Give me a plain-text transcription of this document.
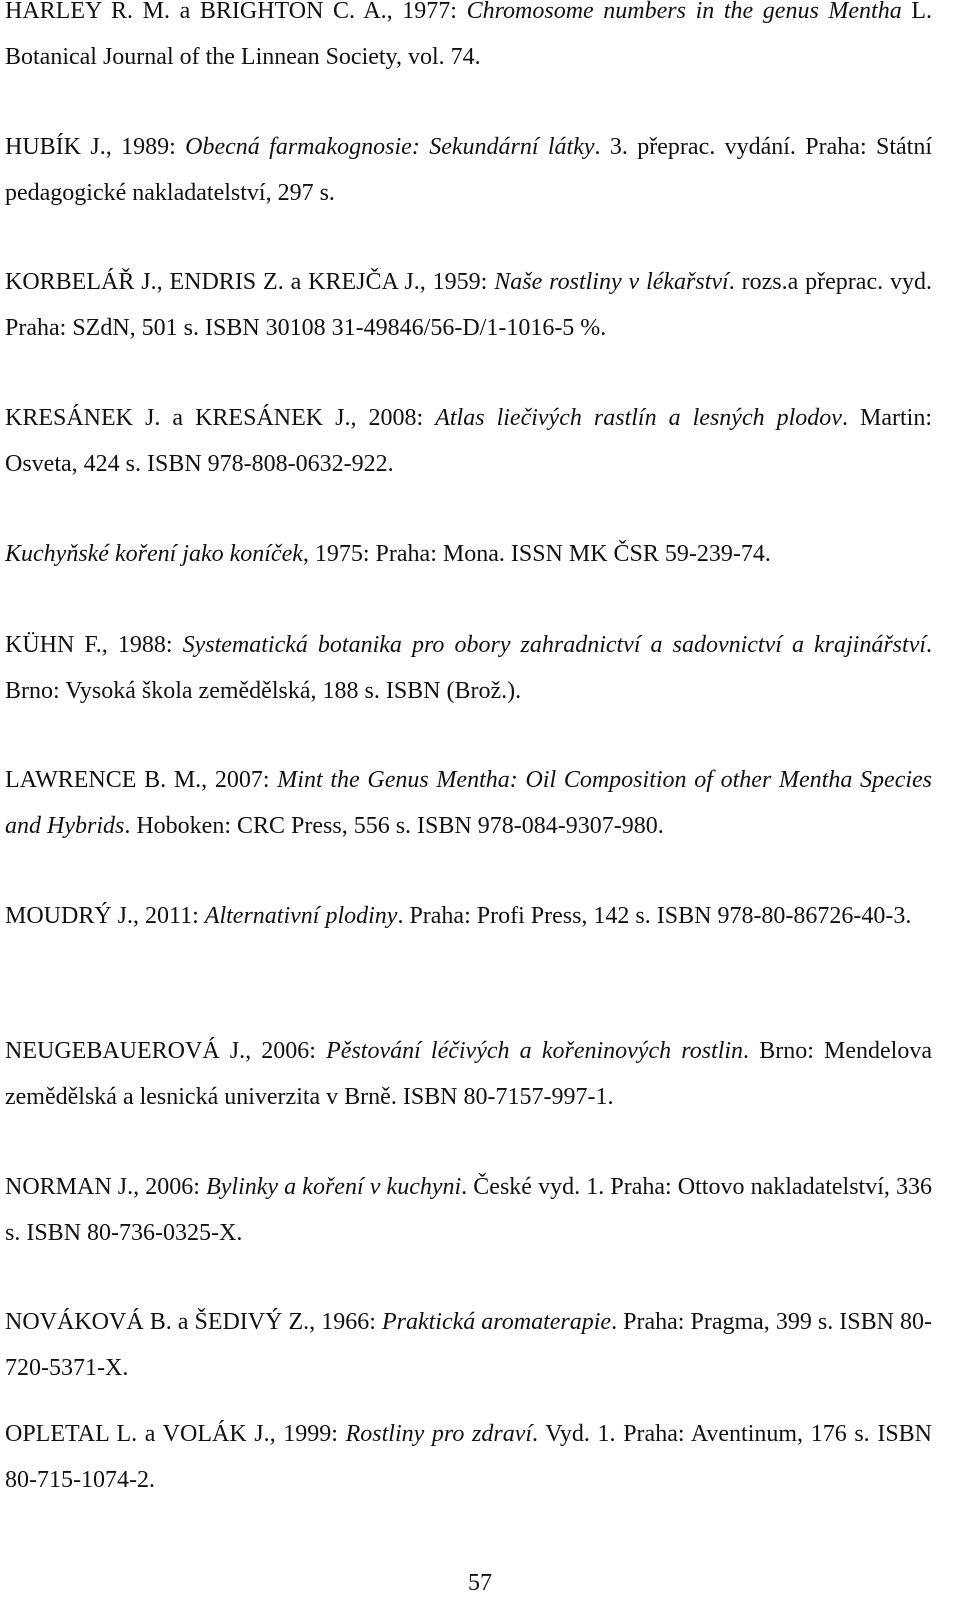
HARLEY R. M. a BRIGHTON C. A., 1977: Chromosome numbers in the genus Mentha L. Botanical Journal of the Linnean Society, vol. 74.

HUBÍK J., 1989: Obecná farmakognosie: Sekundární látky. 3. přeprac. vydání. Praha: Státní pedagogické nakladatelství, 297 s.

KORBELÁŘ J., ENDRIS Z. a KREJČA J., 1959: Naše rostliny v lékařství. rozs.a přeprac. vyd. Praha: SZdN, 501 s. ISBN 30108 31-49846/56-D/1-1016-5 %.

KRESÁNEK J. a KRESÁNEK J., 2008: Atlas liečivých rastlín a lesných plodov. Martin: Osveta, 424 s. ISBN 978-808-0632-922.

Kuchyňské koření jako koníček, 1975: Praha: Mona. ISSN MK ČSR 59-239-74.

KÜHN F., 1988: Systematická botanika pro obory zahradnictví a sadovnictví a krajinářství. Brno: Vysoká škola zemědělská, 188 s. ISBN (Brož.).

LAWRENCE B. M., 2007: Mint the Genus Mentha: Oil Composition of other Mentha Species and Hybrids. Hoboken: CRC Press, 556 s. ISBN 978-084-9307-980.

MOUDRÝ J., 2011: Alternativní plodiny. Praha: Profi Press, 142 s. ISBN 978-80-86726-40-3.

NEUGEBAUEROVÁ J., 2006: Pěstování léčivých a kořeninových rostlin. Brno: Mendelova zemědělská a lesnická univerzita v Brně. ISBN 80-7157-997-1.

NORMAN J., 2006: Bylinky a koření v kuchyni. České vyd. 1. Praha: Ottovo nakladatelství, 336 s. ISBN 80-736-0325-X.

NOVÁKOVÁ B. a ŠEDIVÝ Z., 1966: Praktická aromaterapie. Praha: Pragma, 399 s. ISBN 80-720-5371-X.

OPLETAL L. a VOLÁK J., 1999: Rostliny pro zdraví. Vyd. 1. Praha: Aventinum, 176 s. ISBN 80-715-1074-2.

57
